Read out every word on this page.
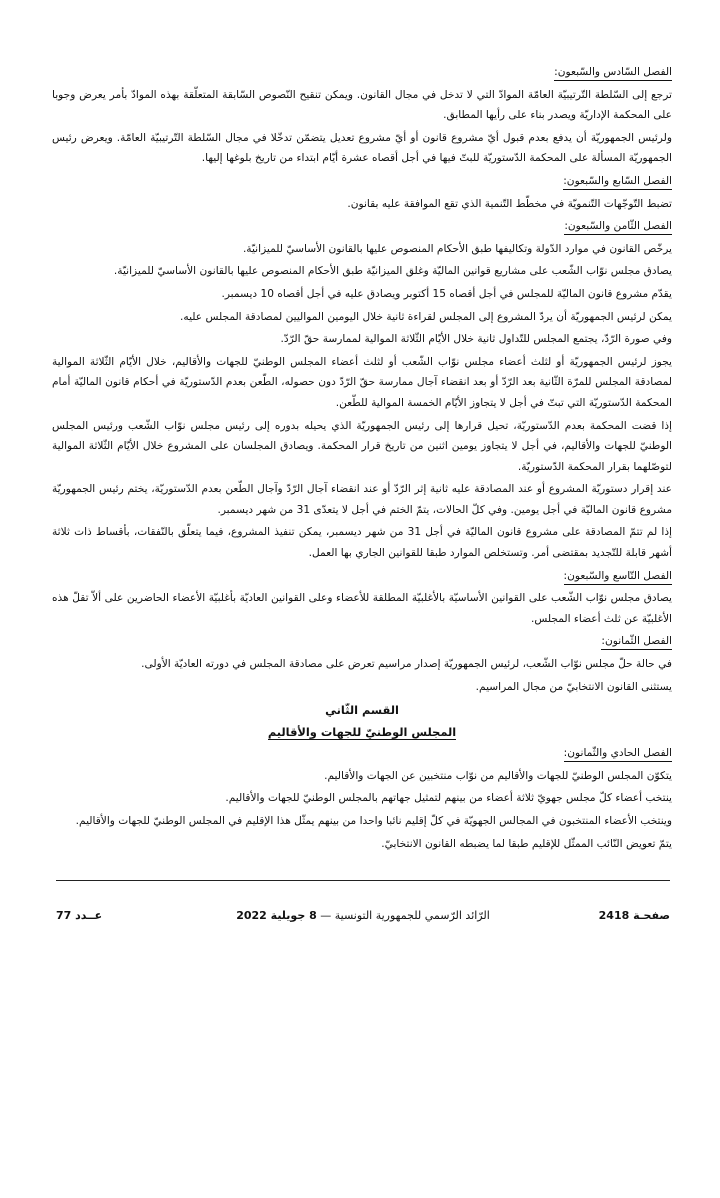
الفصل السّادس والسّبعون:

ترجع إلى السّلطة التّرتيبيّة العامّة الموادّ التي لا تدخل في مجال القانون. ويمكن تنقيح النّصوص السّابقة المتعلّقة بهذه الموادّ بأمر يعرض وجوبا على المحكمة الإداريّة ويصدر بناء على رأيها المطابق.

ولرئيس الجمهوريّة أن يدفع بعدم قبول أيّ مشروع قانون أو أيّ مشروع تعديل يتضمّن تدخّلا في مجال السّلطة التّرتيبيّة العامّة. ويعرض رئيس الجمهوريّة المسألة على المحكمة الدّستوريّة للبتّ فيها في أجل أقصاه عشرة أيّام ابتداء من تاريخ بلوغها إليها.

الفصل السّابع والسّبعون:

تضبط التّوجّهات التّنمويّة في مخطّط التّنمية الذي تقع الموافقة عليه بقانون.

الفصل الثّامن والسّبعون:

يرخّص القانون في موارد الدّولة وتكاليفها طبق الأحكام المنصوص عليها بالقانون الأساسيّ للميزانيّة.

يصادق مجلس نوّاب الشّعب على مشاريع قوانين الماليّة وغلق الميزانيّة طبق الأحكام المنصوص عليها بالقانون الأساسيّ للميزانيّة.

يقدّم مشروع قانون الماليّة للمجلس في أجل أقصاه 15 أكتوبر ويصادق عليه في أجل أقصاه 10 ديسمبر.

يمكن لرئيس الجمهوريّة أن يردّ المشروع إلى المجلس لقراءة ثانية خلال اليومين المواليين لمصادقة المجلس عليه.

وفي صورة الرّدّ، يجتمع المجلس للتّداول ثانية خلال الأيّام الثّلاثة الموالية لممارسة حقّ الرّدّ.

يجوز لرئيس الجمهوريّة أو لثلث أعضاء مجلس نوّاب الشّعب أو لثلث أعضاء المجلس الوطنيّ للجهات والأقاليم، خلال الأيّام الثّلاثة الموالية لمصادقة المجلس للمرّة الثّانية بعد الرّدّ أو بعد انقضاء آجال ممارسة حقّ الرّدّ دون حصوله، الطّعن بعدم الدّستوريّة في أحكام قانون الماليّة أمام المحكمة الدّستوريّة التي تبتّ في أجل لا يتجاوز الأيّام الخمسة الموالية للطّعن.

إذا قضت المحكمة بعدم الدّستوريّة، تحيل قرارها إلى رئيس الجمهوريّة الذي يحيله بدوره إلى رئيس مجلس نوّاب الشّعب ورئيس المجلس الوطنيّ للجهات والأقاليم، في أجل لا يتجاوز يومين اثنين من تاريخ قرار المحكمة. ويصادق المجلسان على المشروع خلال الأيّام الثّلاثة الموالية لتوصّلهما بقرار المحكمة الدّستوريّة.

عند إقرار دستوريّة المشروع أو عند المصادقة عليه ثانية إثر الرّدّ أو عند انقضاء آجال الرّدّ وآجال الطّعن بعدم الدّستوريّة، يختم رئيس الجمهوريّة مشروع قانون الماليّة في أجل يومين. وفي كلّ الحالات، يتمّ الختم في أجل لا يتعدّى 31 من شهر ديسمبر.

إذا لم تتمّ المصادقة على مشروع قانون الماليّة في أجل 31 من شهر ديسمبر، يمكن تنفيذ المشروع، فيما يتعلّق بالنّفقات، بأقساط ذات ثلاثة أشهر قابلة للتّجديد بمقتضى أمر. وتستخلص الموارد طبقا للقوانين الجاري بها العمل.

الفصل التّاسع والسّبعون:

يصادق مجلس نوّاب الشّعب على القوانين الأساسيّة بالأغلبيّة المطلقة للأعضاء وعلى القوانين العاديّة بأغلبيّة الأعضاء الحاضرين على ألاّ تقلّ هذه الأغلبيّة عن ثلث أعضاء المجلس.

الفصل الثّمانون:

في حالة حلّ مجلس نوّاب الشّعب، لرئيس الجمهوريّة إصدار مراسيم تعرض على مصادقة المجلس في دورته العاديّة الأولى.

يستثنى القانون الانتخابيّ من مجال المراسيم.

القسم الثّاني
المجلس الوطنيّ للجهات والأقاليم

الفصل الحادي والثّمانون:

يتكوّن المجلس الوطنيّ للجهات والأقاليم من نوّاب منتخبين عن الجهات والأقاليم.

ينتخب أعضاء كلّ مجلس جهويّ ثلاثة أعضاء من بينهم لتمثيل جهاتهم بالمجلس الوطنيّ للجهات والأقاليم.

وينتخب الأعضاء المنتخبون في المجالس الجهويّة في كلّ إقليم نائبا واحدا من بينهم يمثّل هذا الإقليم في المجلس الوطنيّ للجهات والأقاليم.

يتمّ تعويض النّائب الممثّل للإقليم طبقا لما يضبطه القانون الانتخابيّ.

صفحـة 2418
الرّائد الرّسمي للجمهورية التونسية — 8 جويلية 2022
عــدد 77
